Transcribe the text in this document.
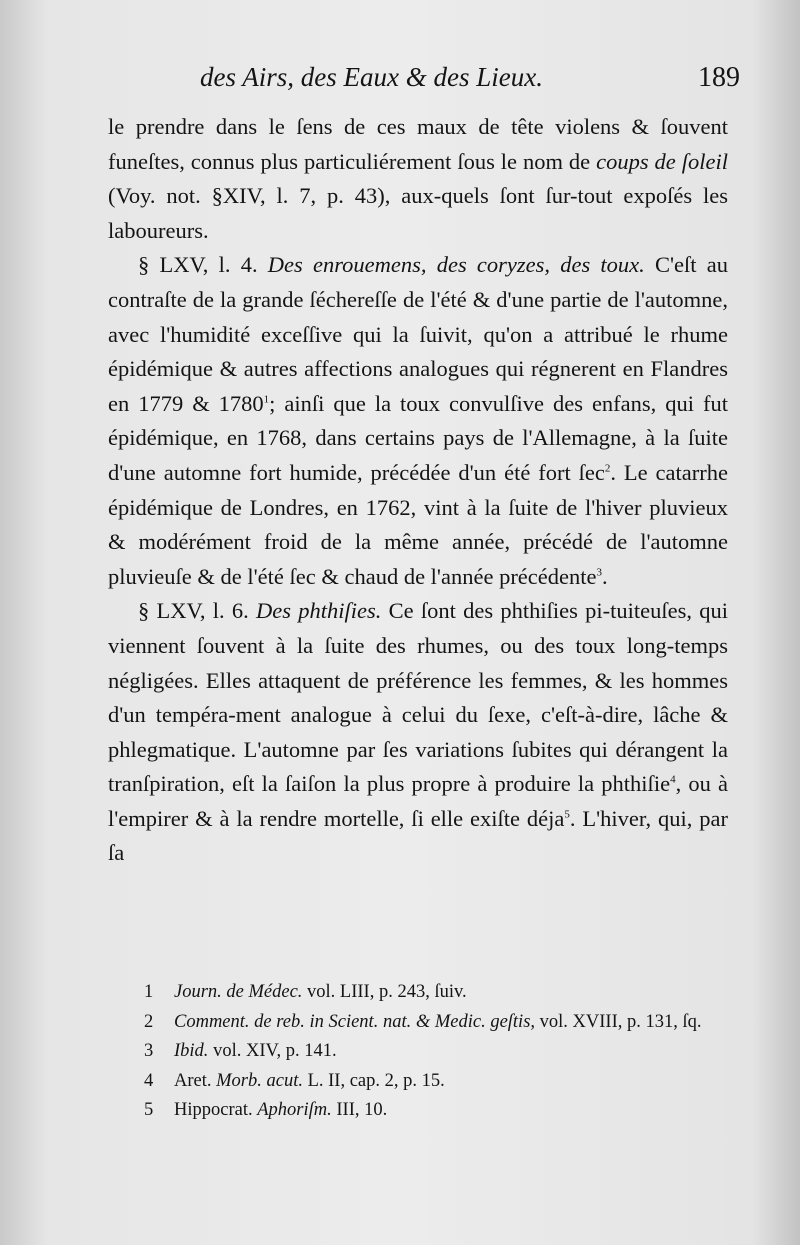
des Airs, des Eaux & des Lieux.	189

le prendre dans le ſens de ces maux de tête violens & ſouvent funeſtes, connus plus particuliérement ſous le nom de coups de ſoleil (Voy. not. §XIV, l. 7, p. 43), aux-quels ſont ſur-tout expoſés les laboureurs.

§ LXV, l. 4. Des enrouemens, des coryzes, des toux. C'eſt au contraſte de la grande ſéchereſſe de l'été & d'une partie de l'automne, avec l'humidité exceſſive qui la ſuivit, qu'on a attribué le rhume épidémique & autres affections analogues qui régnerent en Flandres en 1779 & 1780$^1$; ainſi que la toux convulſive des enfans, qui fut épidémique, en 1768, dans certains pays de l'Allemagne, à la ſuite d'une automne fort humide, précédée d'un été fort ſec$^2$. Le catarrhe épidémique de Londres, en 1762, vint à la ſuite de l'hiver pluvieux & modérément froid de la même année, précédé de l'automne pluvieuſe & de l'été ſec & chaud de l'année précédente$^3$.

§ LXV, l. 6. Des phthiſies. Ce ſont des phthiſies pi-tuiteuſes, qui viennent ſouvent à la ſuite des rhumes, ou des toux long-temps négligées. Elles attaquent de préférence les femmes, & les hommes d'un tempéra-ment analogue à celui du ſexe, c'eſt-à-dire, lâche & phlegmatique. L'automne par ſes variations ſubites qui dérangent la tranſpiration, eſt la ſaiſon la plus propre à produire la phthiſie$^4$, ou à l'empirer & à la rendre mortelle, ſi elle exiſte déja$^5$. L'hiver, qui, par ſa

1 Journ. de Médec. vol. LIII, p. 243, ſuiv.

2 Comment. de reb. in Scient. nat. & Medic. geſtis, vol. XVIII, p. 131, ſq.

3 Ibid. vol. XIV, p. 141.

4 Aret. Morb. acut. L. II, cap. 2, p. 15.

5 Hippocrat. Aphoriſm. III, 10.
